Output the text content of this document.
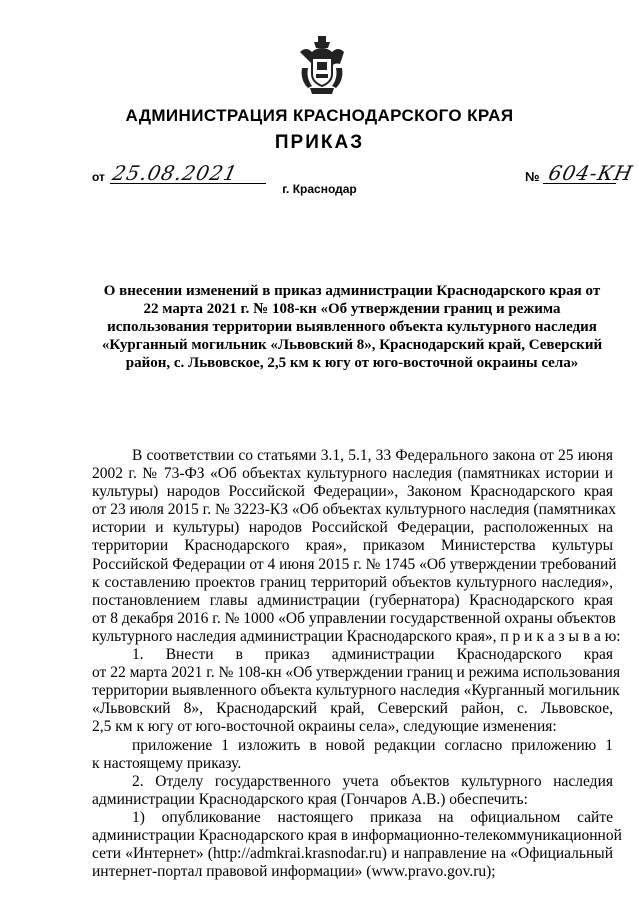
АДМИНИСТРАЦИЯ КРАСНОДАРСКОГО КРАЯ
ПРИКАЗ
от 25.08.2021	№ 604-КН
г. Краснодар
О внесении изменений в приказ администрации Краснодарского края от
22 марта 2021 г. № 108-кн «Об утверждении границ и режима
использования территории выявленного объекта культурного наследия
«Курганный могильник «Львовский 8», Краснодарский край, Северский
район, с. Львовское, 2,5 км к югу от юго-восточной окраины села»

В соответствии со статьями 3.1, 5.1, 33 Федерального закона от 25 июня
2002 г. № 73-ФЗ «Об объектах культурного наследия (памятниках истории и
культуры) народов Российской Федерации», Законом Краснодарского края
от 23 июля 2015 г. № 3223-КЗ «Об объектах культурного наследия (памятниках
истории и культуры) народов Российской Федерации, расположенных на
территории Краснодарского края», приказом Министерства культуры
Российской Федерации от 4 июня 2015 г. № 1745 «Об утверждении требований
к составлению проектов границ территорий объектов культурного наследия»,
постановлением главы администрации (губернатора) Краснодарского края
от 8 декабря 2016 г. № 1000 «Об управлении государственной охраны объектов
культурного наследия администрации Краснодарского края», п р и к а з ы в а ю:

1. Внести в приказ администрации Краснодарского края
от 22 марта 2021 г. № 108-кн «Об утверждении границ и режима использования
территории выявленного объекта культурного наследия «Курганный могильник
«Львовский 8», Краснодарский край, Северский район, с. Львовское,
2,5 км к югу от юго-восточной окраины села», следующие изменения:

приложение 1 изложить в новой редакции согласно приложению 1
к настоящему приказу.

2. Отделу государственного учета объектов культурного наследия
администрации Краснодарского края (Гончаров А.В.) обеспечить:

1) опубликование настоящего приказа на официальном сайте
администрации Краснодарского края в информационно-телекоммуникационной
сети «Интернет» (http://admkrai.krasnodar.ru) и направление на «Официальный
интернет-портал правовой информации» (www.pravo.gov.ru);
